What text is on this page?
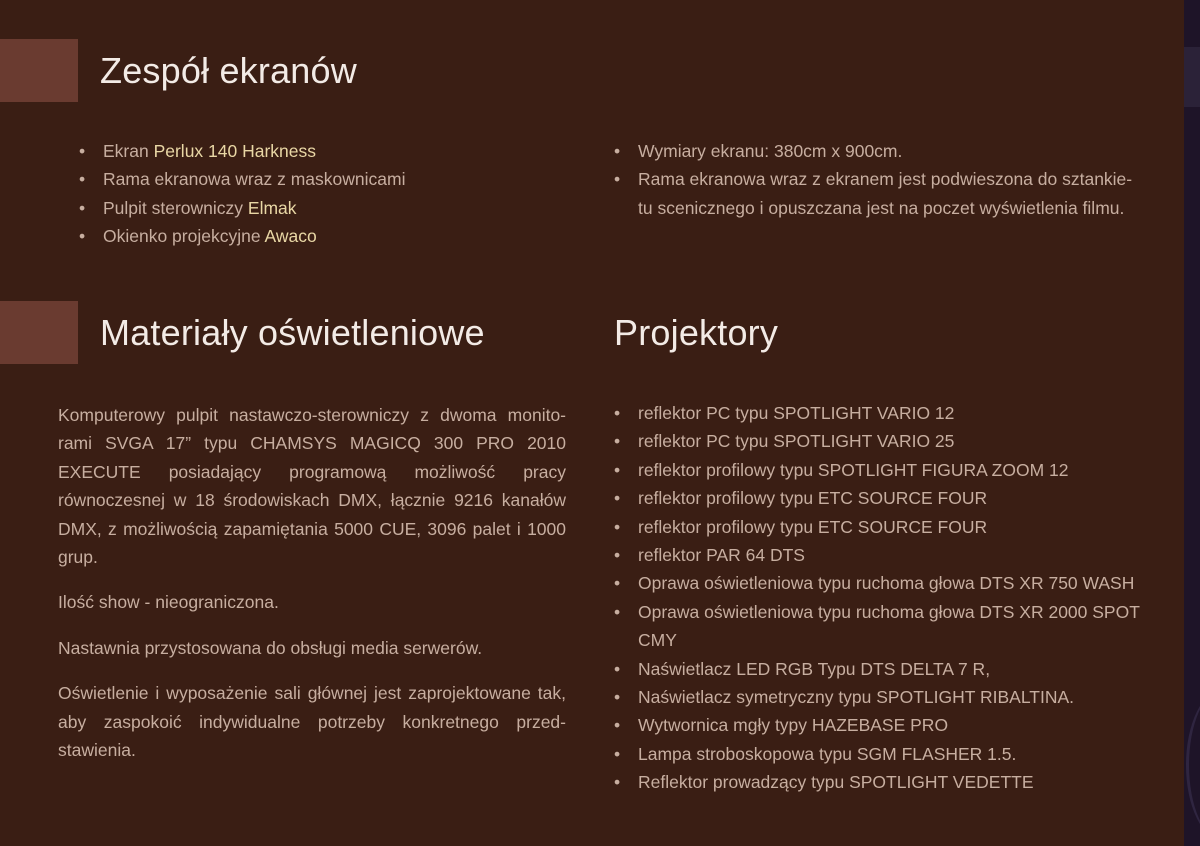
Zespół ekranów
• Ekran Perlux 140 Harkness
• Rama ekranowa wraz z maskownicami
• Pulpit sterowniczy Elmak
• Okienko projekcyjne Awaco
• Wymiary ekranu: 380cm x 900cm.
• Rama ekranowa wraz z ekranem jest podwieszona do sztankie-tu scenicznego i opuszczana jest na poczet wyświetlenia filmu.
Materiały oświetleniowe

Komputerowy pulpit nastawczo-sterowniczy z dwoma monito-rami SVGA 17” typu CHAMSYS MAGICQ 300 PRO 2010 EXECUTE posiadający programową możliwość pracy równoczesnej w 18 środowiskach DMX, łącznie 9216 kanałów DMX, z możliwością zapamiętania 5000 CUE, 3096 palet i 1000 grup.

Ilość show - nieograniczona.

Nastawnia przystosowana do obsługi media serwerów.

Oświetlenie i wyposażenie sali głównej jest zaprojektowane tak, aby zaspokoić indywidualne potrzeby konkretnego przed-stawienia.

Projektory
• reflektor PC typu SPOTLIGHT VARIO 12
• reflektor PC typu SPOTLIGHT VARIO 25
• reflektor profilowy typu SPOTLIGHT FIGURA ZOOM 12
• reflektor profilowy typu ETC SOURCE FOUR
• reflektor profilowy typu ETC SOURCE FOUR
• reflektor PAR 64 DTS
• Oprawa oświetleniowa typu ruchoma głowa DTS XR 750 WASH
• Oprawa oświetleniowa typu ruchoma głowa DTS XR 2000 SPOT CMY
• Naświetlacz LED RGB Typu DTS DELTA 7 R,
• Naświetlacz symetryczny typu SPOTLIGHT RIBALTINA.
• Wytwornica mgły typy HAZEBASE PRO
• Lampa stroboskopowa typu SGM FLASHER 1.5.
• Reflektor prowadzący typu SPOTLIGHT VEDETTE
